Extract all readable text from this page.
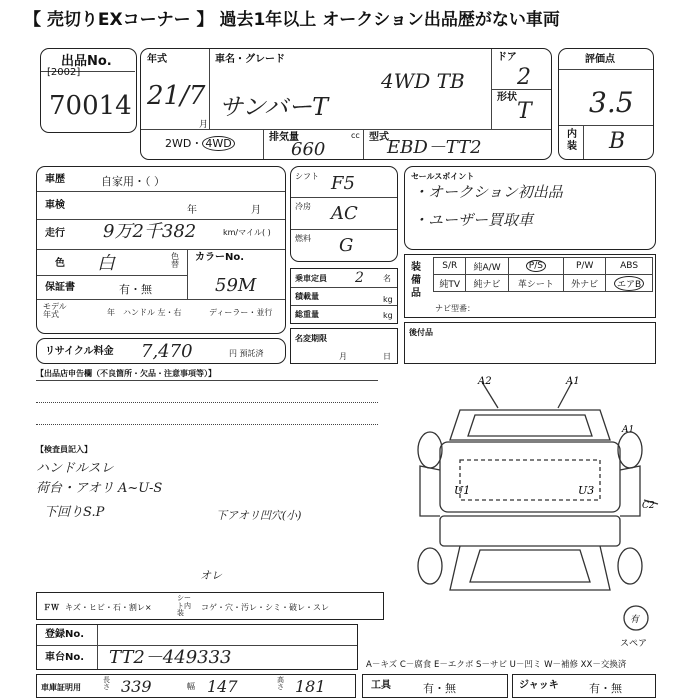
【 売切りEXコーナー 】 過去1年以上 オークション出品歴がない車両
出品No.
[2002]
70014
年式
21/7
月
車名・グレード
サンバーT
4WD TB
ドア
2
形状
T
2WD・ 4WD	排気量	cc
660
型式
EBD－TT2
評価点
3.5
内装 B
車歴	自家用・（ ）
車検	年	月
走行 9万2千382	km/マイル( )
色 白	色替
カラーNo.
59M
保証書	有・無
モデル年式	年 ハンドル 左・右	ディーラー・並行
リサイクル料金 7,470	円 預託済
シフト F5
冷房 AC
燃料 G
乗車定員 2 名
積載量	kg
総重量	kg
名変期限
月	日
セールスポイント
・オークション初出品
・ユーザー買取車
装備品
S/R	純A/W	P/S	P/W	ABS
純TV	純ナビ	革シート	外ナビ	エアB
ナビ型番：
後付品
【出品店申告欄（不良箇所・欠品・注意事項等）】
【検査員記入】
ハンドルスレ
荷台・アオリ A~U-S
下回りS.P	下アオリ凹穴(小)
オレ
A2	A1
A1
U1	U3
C2
有
スペア
ＦＷ キズ・ヒビ・石・割レ×
シート内装
コゲ・穴・汚レ・シミ・破レ・スレ
登録No.
車台No. TT2－449333	A－キズ C－腐食 E－エクボ S－サビ U－凹ミ W－補修 XX－交換済
車庫証明用
長さ 339	幅 147	高さ 181	工具	有・無	ジャッキ	有・無
